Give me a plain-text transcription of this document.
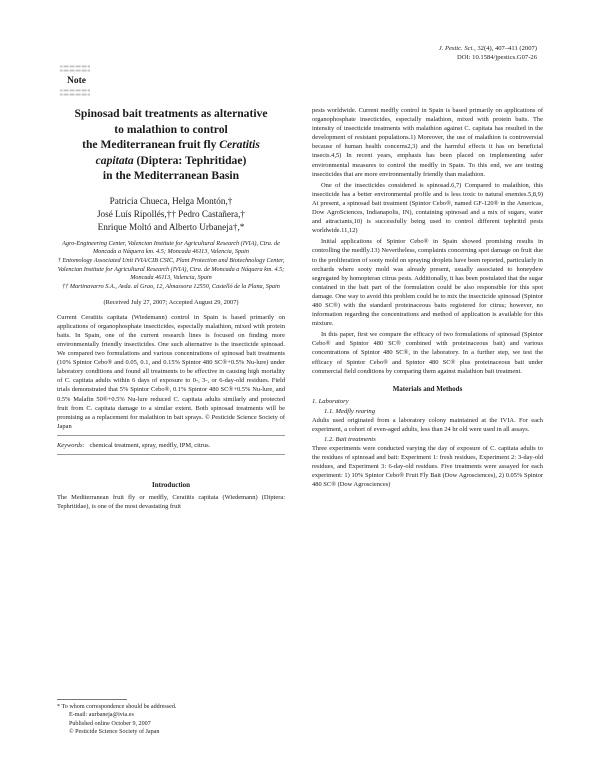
J. Pestic. Sci., 32(4), 407–411 (2007)
DOI: 10.1584/jpestics.G07-26
¦¦¦¦¦¦¦¦¦¦¦¦¦¦¦¦¦¦¦¦¦¦¦¦¦
Note
¦¦¦¦¦¦¦¦¦¦¦¦¦¦¦¦¦¦¦¦¦¦¦¦¦
Spinosad bait treatments as alternative
to malathion to control
the Mediterranean fruit fly Ceratitis
capitata (Diptera: Tephritidae)
in the Mediterranean Basin
Patricia Chueca, Helga Montón,†
José Luís Ripollés,†† Pedro Castañera,†
Enrique Moltó and Alberto Urbaneja†,*
Agro-Engineering Center, Valencian Institute for Agricultural Research (IVIA), Ctra. de Moncada a Náquera km. 4.5; Moncada 46113, Valencia, Spain
† Entomology Associated Unit IVIA/CIB CSIC, Plant Protection and Biotechnology Center, Valencian Institute for Agricultural Research (IVIA), Ctra. de Moncada a Náquera km. 4.5; Moncada 46113, Valencia, Spain
†† Martinavarro S.A., Avda. al Grao, 12, Almassora 12550, Castelló de la Plana, Spain
(Received July 27, 2007; Accepted August 29, 2007)

Current Ceratitis capitata (Wiedemann) control in Spain is based primarily on applications of organophosphate insecticides, especially malathion, mixed with protein baits. In Spain, one of the current research lines is focused on finding more environmentally friendly insecticides. One such alternative is the insecticide spinosad. We compared two formulations and various concentrations of spinosad bait treatments (10% Spintor Cebo® and 0.05, 0.1, and 0.15% Spintor 480 SC®+0.5% Nu-lure) under laboratory conditions and found all treatments to be effective in causing high mortality of C. capitata adults within 6 days of exposure to 0-, 3-, or 6-day-old residues. Field trials demonstrated that 5% Spintor Cebo®, 0.1% Spintor 480 SC®+0.5% Nu-lure, and 0.5% Malafin 50®+0.5% Nu-lure reduced C. capitata adults similarly and protected fruit from C. capitata damage to a similar extent. Both spinosad treatments will be promising as a replacement for malathion in bait sprays. © Pesticide Science Society of Japan

Keywords: chemical treatment, spray, medfly, IPM, citrus.
Introduction

The Mediterranean fruit fly or medfly, Ceratitis capitata (Wiedemann) (Diptera: Tephritidae), is one of the most devastating fruit

pests worldwide. Current medfly control in Spain is based primarily on applications of organophosphate insecticides, especially malathion, mixed with protein baits. The intensity of insecticide treatments with malathion against C. capitata has resulted in the development of resistant populations.1) Moreover, the use of malathion is controversial because of human health concerns2,3) and the harmful effects it has on beneficial insects.4,5) In recent years, emphasis has been placed on implementing safer environmental measures to control the medfly in Spain. To this end, we are testing insecticides that are more environmentally friendly than malathion.

One of the insecticides considered is spinosad.6,7) Compared to malathion, this insecticide has a better environmental profile and is less toxic to natural enemies.5,8,9) At present, a spinosad bait treatment (Spintor Cebo®, named GF-120® in the Americas, Dow AgroSciences, Indianapolis, IN), containing spinosad and a mix of sugars, water and attractants,10) is successfully being used to control different tephritid pests worldwide.11,12)

Initial applications of Spintor Cebo® in Spain showed promising results in controlling the medfly.13) Nevertheless, complaints concerning spot damage on fruit due to the proliferation of sooty mold on spraying droplets have been reported, particularly in orchards where sooty mold was already present, usually associated to honeydew segregated by homopteran citrus pests. Additionally, it has been postulated that the sugar contained in the bait part of the formulation could be also responsible for this spot damage. One way to avoid this problem could be to mix the insecticide spinosad (Spintor 480 SC®) with the standard proteinaceous baits registered for citrus; however, no information regarding the concentrations and method of application is available for this mixture.

In this paper, first we compare the efficacy of two formulations of spinosad (Spintor Cebo® and Spintor 480 SC® combined with proteinaceous bait) and various concentrations of Spintor 480 SC®, in the laboratory. In a further step, we test the efficacy of Spintor Cebo® and Spintor 480 SC® plus proteinaceous bait under commercial field conditions by comparing them against malathion bait treatment.

Materials and Methods
1. Laboratory
1.1. Medfly rearing

Adults used originated from a laboratory colony maintained at the IVIA. For each experiment, a cohort of even-aged adults, less than 24 hr old were used in all assays.

1.2. Bait treatments

Three experiments were conducted varying the day of exposure of C. capitata adults to the residues of spinosad and bait: Experiment 1: fresh residues, Experiment 2: 3-day-old residues, and Experiment 3: 6-day-old residues. Five treatments were assayed for each experiment: 1) 10% Spintor Cebo® Fruit Fly Bait (Dow Agrosciences), 2) 0.05% Spintor 480 SC® (Dow Agrosciences)

* To whom correspondence should be addressed.
E-mail: aurbaneja@ivia.es
Published online October 9, 2007
© Pesticide Science Society of Japan
